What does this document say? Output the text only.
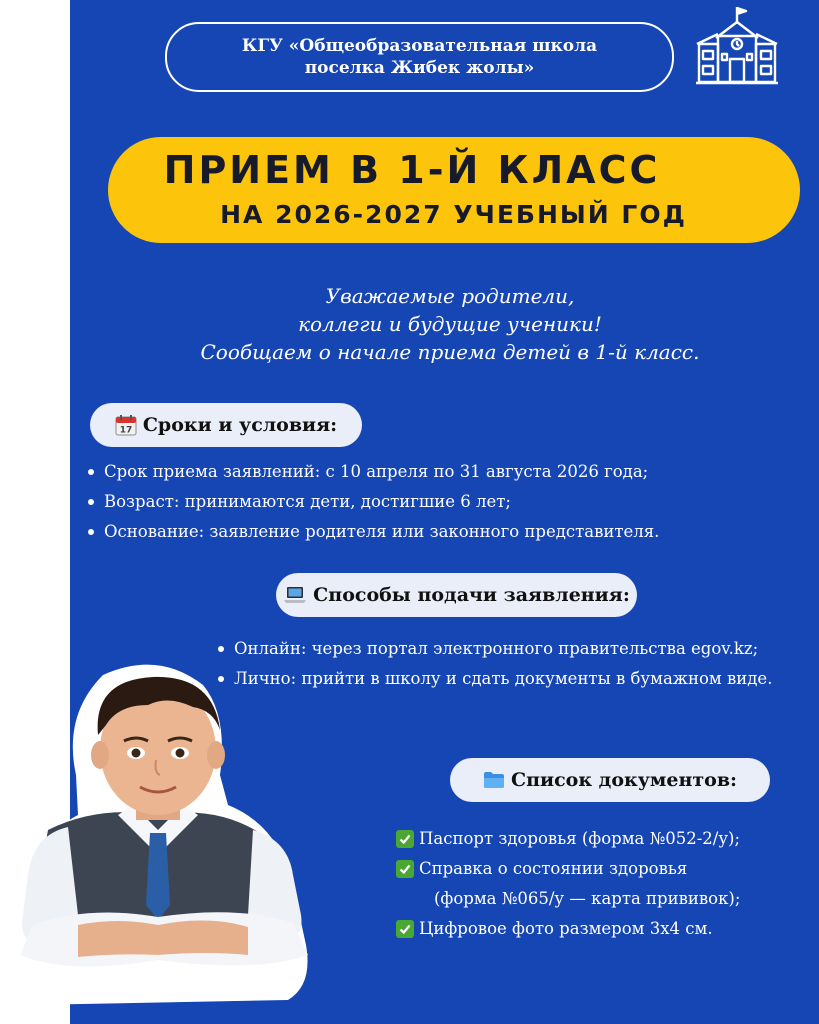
КГУ «Общеобразовательная школа
поселка Жибек жолы»
ПРИЕМ В 1-Й КЛАСС
НА 2026-2027 УЧЕБНЫЙ ГОД
Уважаемые родители,
коллеги и будущие ученики!
Сообщаем о начале приема детей в 1-й класс.
17 Сроки и условия:
Срок приема заявлений: с 10 апреля по 31 августа 2026 года;
Возраст: принимаются дети, достигшие 6 лет;
Основание: заявление родителя или законного представителя.
Способы подачи заявления:
Онлайн: через портал электронного правительства egov.kz;
Лично: прийти в школу и сдать документы в бумажном виде.
Список документов:
Паспорт здоровья (форма №052-2/у);
Справка о состоянии здоровья
(форма №065/у — карта прививок);
Цифровое фото размером 3х4 см.
